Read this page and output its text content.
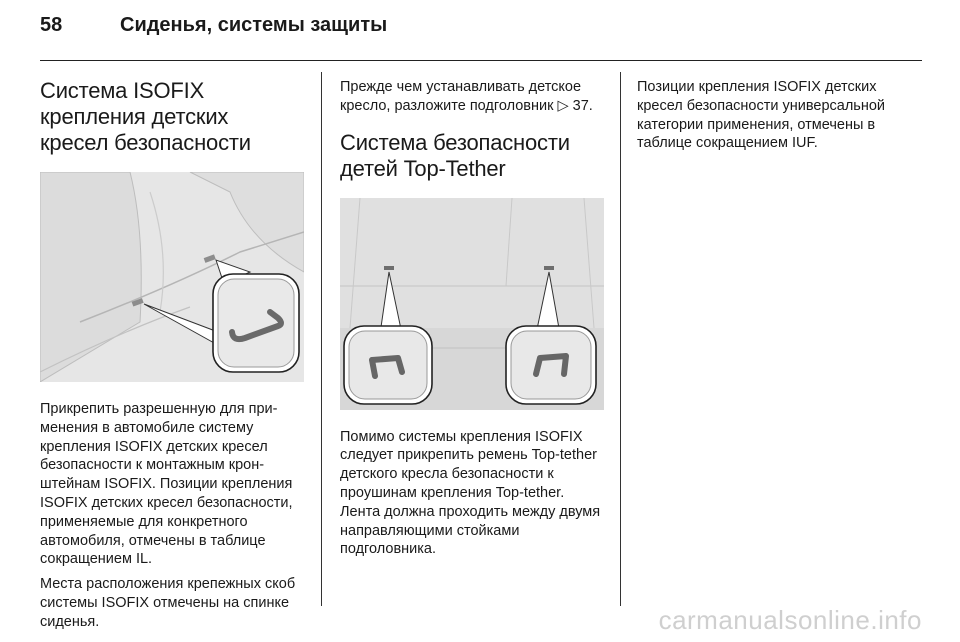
58	Сиденья, системы защиты
Система ISOFIX
крепления детских
кресел безопасности

Прикрепить разрешенную для применения в автомобиле систему крепления ISOFIX детских кресел безопасности к монтажным кронштейнам ISOFIX. Позиции крепления ISOFIX детских кресел безопасности, применяемые для конкретного автомобиля, отмечены в таблице сокращением IL.

Места расположения крепежных скоб системы ISOFIX отмечены на спинке сиденья.

Прежде чем устанавливать детское кресло, разложите подголовник ▷ 37.

Система безопасности
детей Top-Tether

Помимо системы крепления ISOFIX следует прикрепить ремень Top-tether детского кресла безопасности к проушинам крепления Top-tether. Лента должна проходить между двумя направляющими стойками подголовника.

Позиции крепления ISOFIX детских кресел безопасности универсальной категории применения, отмечены в таблице сокращением IUF.

carmanualsonline.info
